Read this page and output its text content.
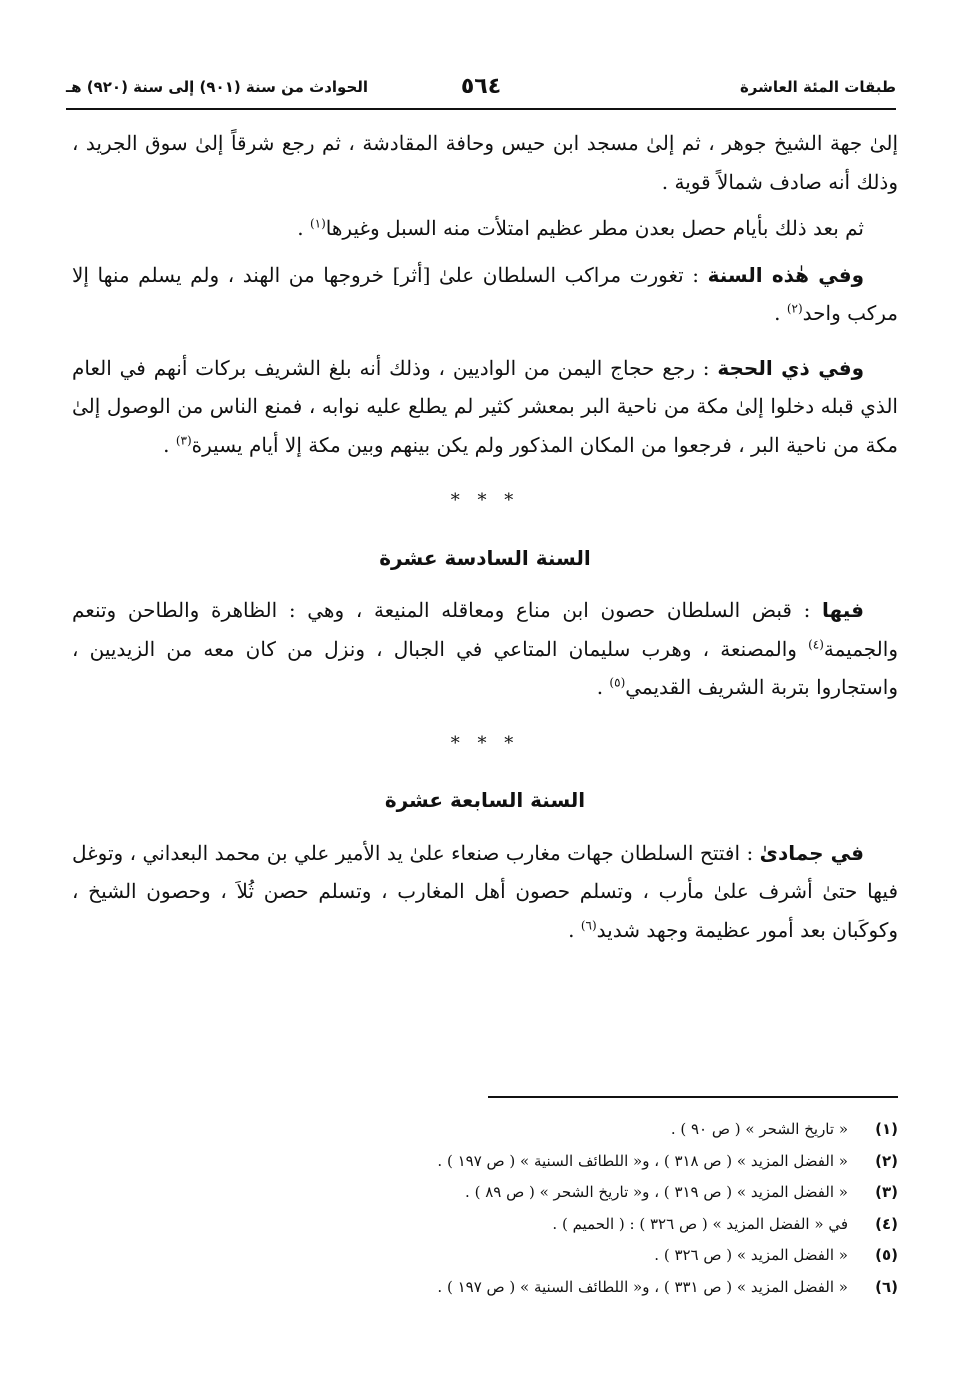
طبقات المئة العاشرة
٥٦٤
الحوادث من سنة (٩٠١) إلى سنة (٩٢٠) هـ

إلىٰ جهة الشيخ جوهر ، ثم إلىٰ مسجد ابن حيس وحافة المقادشة ، ثم رجع شرقاً إلىٰ سوق الجريد ، وذلك أنه صادف شمالاً قوية .

ثم بعد ذلك بأيام حصل بعدن مطر عظيم امتلأت منه السبل وغيرها$^{(١)}$ .

وفي هٰذه السنة : تغورت مراكب السلطان علىٰ [أثر] خروجها من الهند ، ولم يسلم منها إلا مركب واحد$^{(٢)}$ .

وفي ذي الحجة : رجع حجاج اليمن من الواديين ، وذلك أنه بلغ الشريف بركات أنهم في العام الذي قبله دخلوا إلىٰ مكة من ناحية البر بمعشر كثير لم يطلع عليه نوابه ، فمنع الناس من الوصول إلىٰ مكة من ناحية البر ، فرجعوا من المكان المذكور ولم يكن بينهم وبين مكة إلا أيام يسيرة$^{(٣)}$ .

* * *
السنة السادسة عشرة

فيها : قبض السلطان حصون ابن مناع ومعاقله المنيعة ، وهي : الظاهرة والطاحن وتنعم والجميمة$^{(٤)}$ والمصنعة ، وهرب سليمان المتاعي في الجبال ، ونزل من كان معه من الزيديين ، واستجاروا بتربة الشريف القديمي$^{(٥)}$ .

* * *
السنة السابعة عشرة

في جمادىٰ : افتتح السلطان جهات مغارب صنعاء علىٰ يد الأمير علي بن محمد البعداني ، وتوغل فيها حتىٰ أشرف علىٰ مأرب ، وتسلم حصون أهل المغارب ، وتسلم حصن ثُلاَ ، وحصون الشيخ ، وكوكَبان بعد أمور عظيمة وجهد شديد$^{(٦)}$ .

(١)« تاريخ الشحر » ( ص ٩٠ ) .
(٢)« الفضل المزيد » ( ص ٣١٨ ) ، و« اللطائف السنية » ( ص ١٩٧ ) .
(٣)« الفضل المزيد » ( ص ٣١٩ ) ، و« تاريخ الشحر » ( ص ٨٩ ) .
(٤)في « الفضل المزيد » ( ص ٣٢٦ ) : ( الحميم ) .
(٥)« الفضل المزيد » ( ص ٣٢٦ ) .
(٦)« الفضل المزيد » ( ص ٣٣١ ) ، و« اللطائف السنية » ( ص ١٩٧ ) .
